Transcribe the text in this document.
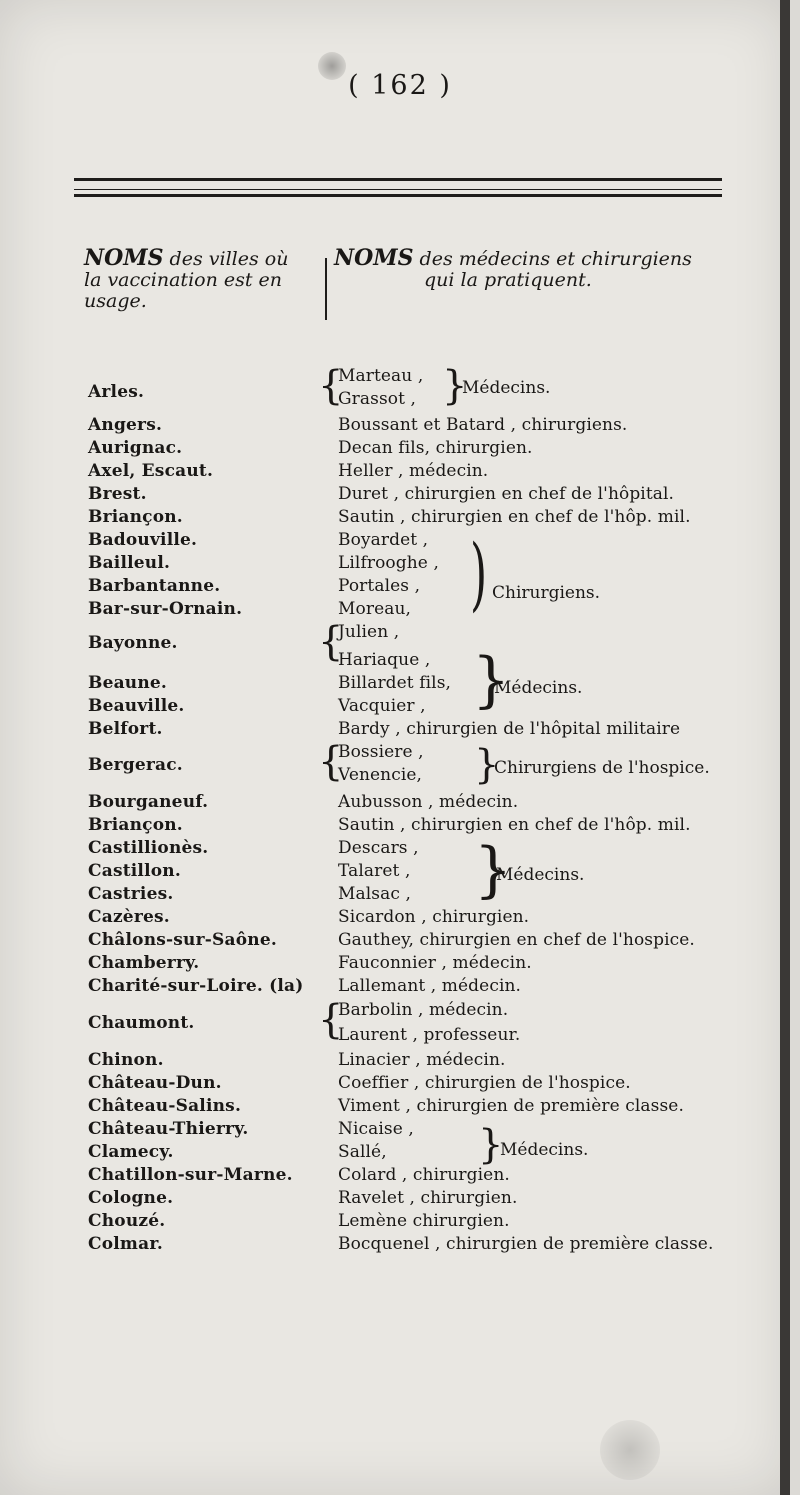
( 162 )
NOMS des villes où
la vaccination est en
usage.
NOMS des médecins et chirurgiens
qui la pratiquent.
Arles.
Angers.
Aurignac.
Axel, Escaut.
Brest.
Briançon.
Badouville.
Bailleul.
Barbantanne.
Bar-sur-Ornain.
Bayonne.
Beaune.
Beauville.
Belfort.
Bergerac.
Bourganeuf.
Briançon.
Castillionès.
Castillon.
Castries.
Cazères.
Châlons-sur-Saône.
Chamberry.
Charité-sur-Loire. (la)
Chaumont.
Chinon.
Château-Dun.
Château-Salins.
Château-Thierry.
Clamecy.
Chatillon-sur-Marne.
Cologne.
Chouzé.
Colmar.
Marteau ,
Grassot ,
Boussant et Batard , chirurgiens.
Decan fils, chirurgien.
Heller , médecin.
Duret , chirurgien en chef de l'hôpital.
Sautin , chirurgien en chef de l'hôp. mil.
Boyardet ,
Lilfrooghe ,
Portales ,
Moreau,
Julien ,
Hariaque ,
Billardet fils,
Vacquier ,
Bardy , chirurgien de l'hôpital militaire
Bossiere ,
Venencie,
Aubusson , médecin.
Sautin , chirurgien en chef de l'hôp. mil.
Descars ,
Talaret ,
Malsac ,
Sicardon , chirurgien.
Gauthey, chirurgien en chef de l'hospice.
Fauconnier , médecin.
Lallemant , médecin.
Barbolin , médecin.
Laurent , professeur.
Linacier , médecin.
Coeffier , chirurgien de l'hospice.
Viment , chirurgien de première classe.
Nicaise ,
Sallé,
Colard , chirurgien.
Ravelet , chirurgien.
Lemène chirurgien.
Bocquenel , chirurgien de première classe.
{
{
{
{
}
Médecins.
) Chirurgiens.
}
Médecins.
}
Chirurgiens de l'hospice.
}
Médecins.
}
Médecins.
